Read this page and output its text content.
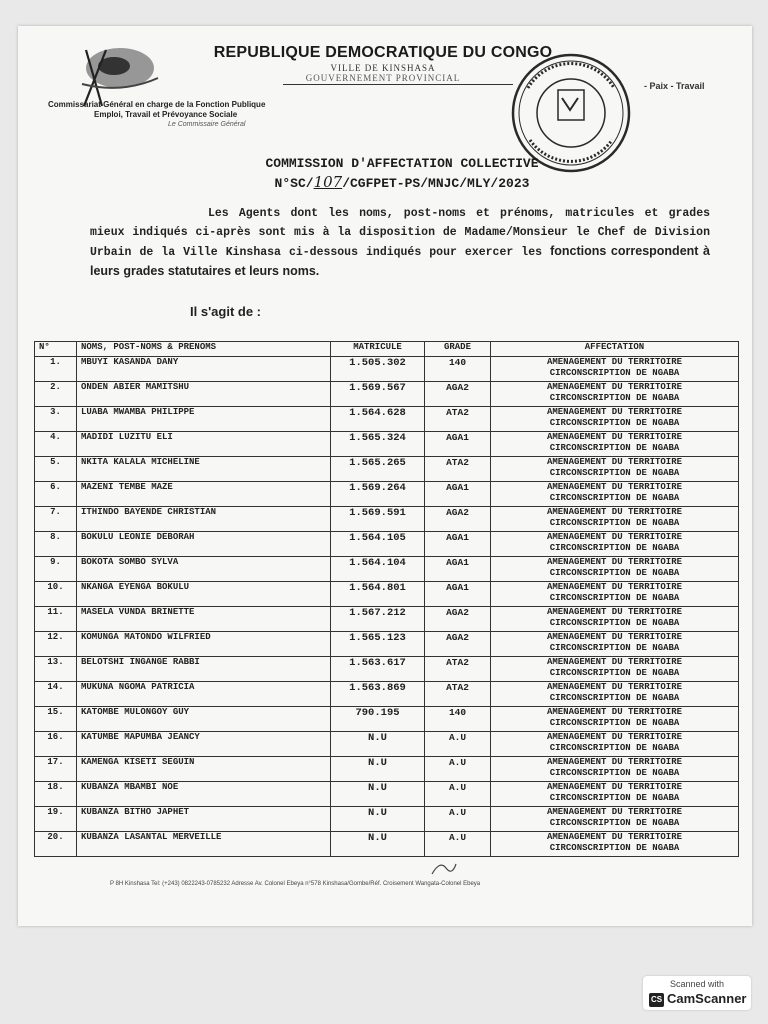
REPUBLIQUE DEMOCRATIQUE DU CONGO
VILLE DE KINSHASA
GOUVERNEMENT PROVINCIAL
- Paix - Travail
Commissariat Général en charge de la Fonction Publique
Emploi, Travail et Prévoyance Sociale
Le Commissaire Général
COMMISSION D'AFFECTATION COLLECTIVE
N°SC/107/CGFPET-PS/MNJC/MLY/2023
Les Agents dont les noms, post-noms et prénoms, matricules et grades mieux indiqués ci-après sont mis à la disposition de Madame/Monsieur le Chef de Division Urbain de la Ville Kinshasa ci-dessous indiqués pour exercer les fonctions correspondent à leurs grades statutaires et leurs noms.
Il s'agit de :
N°	NOMS, POST-NOMS & PRENOMS	MATRICULE	GRADE	AFFECTATION
1.	MBUYI KASANDA DANY	1.505.302	140	AMENAGEMENT DU TERRITOIRE
CIRCONSCRIPTION DE NGABA

2.	ONDEN ABIER MAMITSHU	1.569.567	AGA2	AMENAGEMENT DU TERRITOIRE
CIRCONSCRIPTION DE NGABA

3.	LUABA MWAMBA PHILIPPE	1.564.628	ATA2	AMENAGEMENT DU TERRITOIRE
CIRCONSCRIPTION DE NGABA

4.	MADIDI LUZITU ELI	1.565.324	AGA1	AMENAGEMENT DU TERRITOIRE
CIRCONSCRIPTION DE NGABA

5.	NKITA KALALA MICHELINE	1.565.265	ATA2	AMENAGEMENT DU TERRITOIRE
CIRCONSCRIPTION DE NGABA

6.	MAZENI TEMBE MAZE	1.569.264	AGA1	AMENAGEMENT DU TERRITOIRE
CIRCONSCRIPTION DE NGABA

7.	ITHINDO BAYENDE CHRISTIAN	1.569.591	AGA2	AMENAGEMENT DU TERRITOIRE
CIRCONSCRIPTION DE NGABA

8.	BOKULU LEONIE DEBORAH	1.564.105	AGA1	AMENAGEMENT DU TERRITOIRE
CIRCONSCRIPTION DE NGABA

9.	BOKOTA SOMBO SYLVA	1.564.104	AGA1	AMENAGEMENT DU TERRITOIRE
CIRCONSCRIPTION DE NGABA

10.	NKANGA EYENGA BOKULU	1.564.801	AGA1	AMENAGEMENT DU TERRITOIRE
CIRCONSCRIPTION DE NGABA

11.	MASELA VUNDA BRINETTE	1.567.212	AGA2	AMENAGEMENT DU TERRITOIRE
CIRCONSCRIPTION DE NGABA

12.	KOMUNGA MATONDO WILFRIED	1.565.123	AGA2	AMENAGEMENT DU TERRITOIRE
CIRCONSCRIPTION DE NGABA

13.	BELOTSHI INGANGE RABBI	1.563.617	ATA2	AMENAGEMENT DU TERRITOIRE
CIRCONSCRIPTION DE NGABA

14.	MUKUNA NGOMA PATRICIA	1.563.869	ATA2	AMENAGEMENT DU TERRITOIRE
CIRCONSCRIPTION DE NGABA

15.	KATOMBE MULONGOY GUY	790.195	140	AMENAGEMENT DU TERRITOIRE
CIRCONSCRIPTION DE NGABA

16.	KATUMBE MAPUMBA JEANCY	N.U	A.U	AMENAGEMENT DU TERRITOIRE
CIRCONSCRIPTION DE NGABA

17.	KAMENGA KISETI SEGUIN	N.U	A.U	AMENAGEMENT DU TERRITOIRE
CIRCONSCRIPTION DE NGABA

18.	KUBANZA MBAMBI NOE	N.U	A.U	AMENAGEMENT DU TERRITOIRE
CIRCONSCRIPTION DE NGABA

19.	KUBANZA BITHO JAPHET	N.U	A.U	AMENAGEMENT DU TERRITOIRE
CIRCONSCRIPTION DE NGABA

20.	KUBANZA LASANTAL MERVEILLE	N.U	A.U	AMENAGEMENT DU TERRITOIRE
CIRCONSCRIPTION DE NGABA
P 8H Kinshasa Tel: (+243) 0822243-0785232 Adresse Av. Colonel Ebeya n°578 Kinshasa/Gombe/Réf. Croisement Wangata-Colonel Ebeya
Scanned with
CS CamScanner
